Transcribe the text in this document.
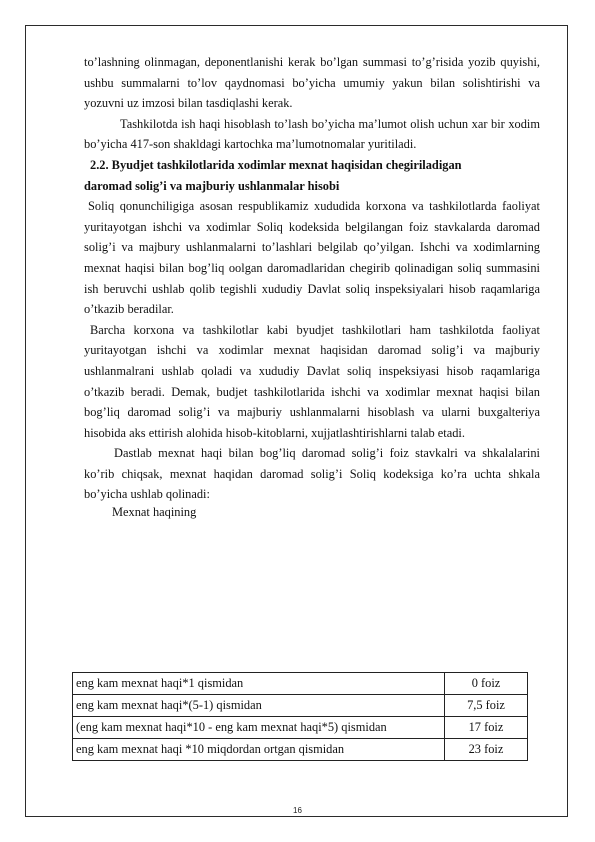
to’lashning olinmagan, deponentlanishi kerak bo’lgan summasi to’g’risida yozib quyishi, ushbu summalarni to’lov qaydnomasi bo’yicha umumiy yakun bilan solishtirishi va yozuvni uz imzosi bilan tasdiqlashi kerak.

Tashkilotda ish haqi hisoblash to’lash bo’yicha ma’lumot olish uchun xar bir xodim bo’yicha 417-son shakldagi kartochka ma’lumotnomalar yuritiladi.

2.2. Byudjet tashkilotlarida xodimlar mexnat haqisidan chegiriladigan
daromad solig’i va majburiy ushlanmalar hisobi

Soliq qonunchiligiga asosan respublikamiz xududida korxona va tashkilotlarda faoliyat yuritayotgan ishchi va xodimlar Soliq kodeksida belgilangan foiz stavkalarda daromad solig’i va majbury ushlanmalarni to’lashlari belgilab qo’yilgan. Ishchi va xodimlarning mexnat haqisi bilan bog’liq oolgan daromadlaridan chegirib qolinadigan soliq summasini ish beruvchi ushlab qolib tegishli xududiy Davlat soliq inspeksiyalari hisob raqamlariga o’tkazib beradilar.

Barcha korxona va tashkilotlar kabi byudjet tashkilotlari ham tashkilotda faoliyat yuritayotgan ishchi va xodimlar mexnat haqisidan daromad solig’i va majburiy ushlanmalrani ushlab qoladi va xududiy Davlat soliq inspeksiyasi hisob raqamlariga o’tkazib beradi. Demak, budjet tashkilotlarida ishchi va xodimlar mexnat haqisi bilan bog’liq daromad solig’i va majburiy ushlanmalarni hisoblash va ularni buxgalteriya hisobida aks ettirish alohida hisob-kitoblarni, xujjatlashtirishlarni talab etadi.

Dastlab mexnat haqi bilan bog’liq daromad solig’i foiz stavkalri va shkalalarini ko’rib chiqsak, mexnat haqidan daromad solig’i Soliq kodeksiga ko’ra uchta shkala bo’yicha ushlab qolinadi:

Mexnat haqining
eng kam mexnat haqi*1 qismidan	0 foiz
eng kam mexnat haqi*(5-1) qismidan	7,5 foiz
(eng kam mexnat haqi*10 - eng kam mexnat haqi*5) qismidan	17 foiz
eng kam mexnat haqi *10 miqdordan ortgan qismidan	23 foiz
16
